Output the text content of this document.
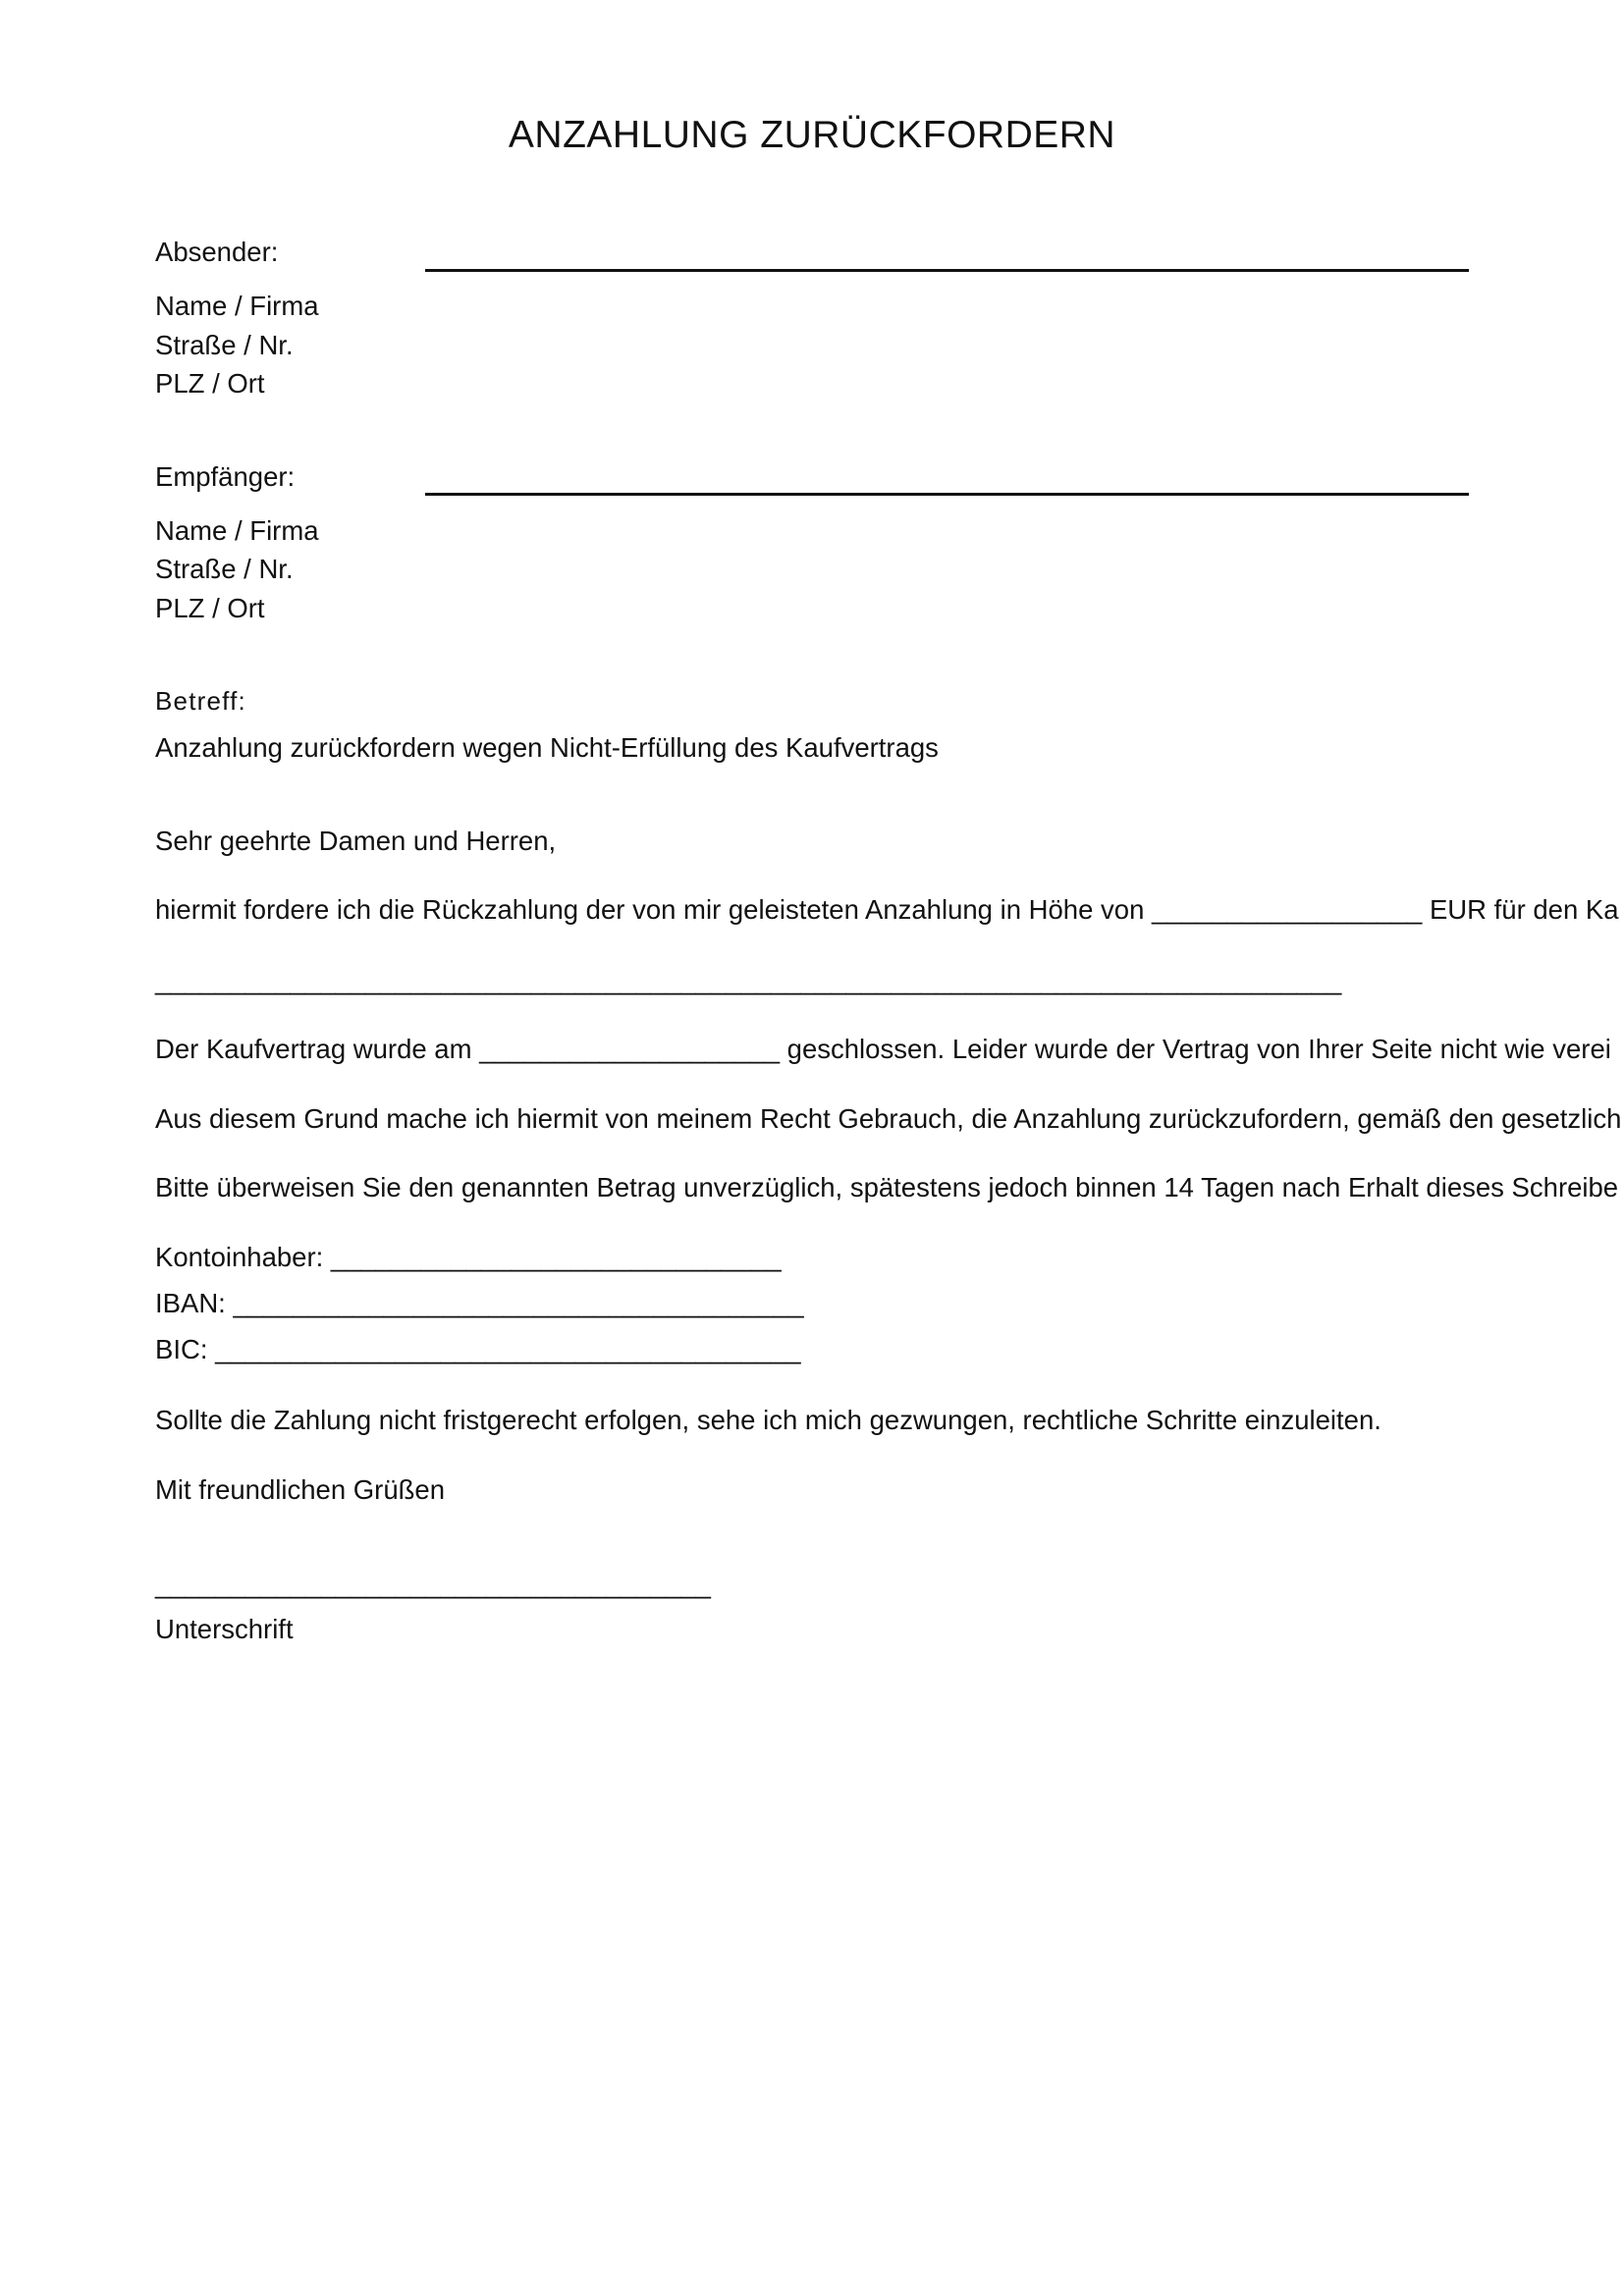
ANZAHLUNG ZURÜCKFORDERN
Absender:
Name / Firma
Straße / Nr.
PLZ / Ort
Empfänger:
Name / Firma
Straße / Nr.
PLZ / Ort
Betreff:
Anzahlung zurückfordern wegen Nicht-Erfüllung des Kaufvertrags
Sehr geehrte Damen und Herren,
hiermit fordere ich die Rückzahlung der von mir geleisteten Anzahlung in Höhe von __________________ EUR für den Ka
_______________________________________________________________________________
Der Kaufvertrag wurde am ____________________ geschlossen. Leider wurde der Vertrag von Ihrer Seite nicht wie verei
Aus diesem Grund mache ich hiermit von meinem Recht Gebrauch, die Anzahlung zurückzufordern, gemäß den gesetzlich
Bitte überweisen Sie den genannten Betrag unverzüglich, spätestens jedoch binnen 14 Tagen nach Erhalt dieses Schreibe
Kontoinhaber: ______________________________
IBAN: ______________________________________
BIC: _______________________________________
Sollte die Zahlung nicht fristgerecht erfolgen, sehe ich mich gezwungen, rechtliche Schritte einzuleiten.
Mit freundlichen Grüßen
_____________________________________
Unterschrift
